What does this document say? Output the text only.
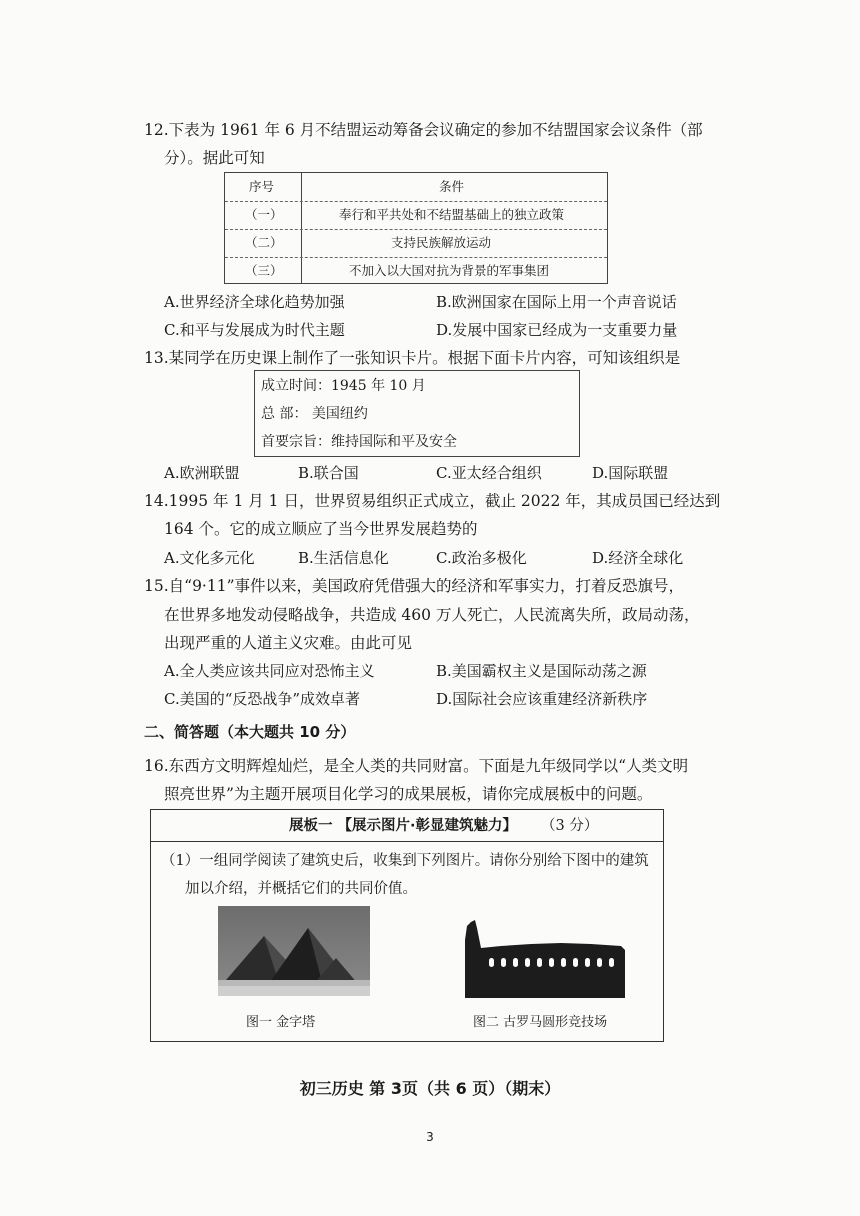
12.下表为 1961 年 6 月不结盟运动筹备会议确定的参加不结盟国家会议条件（部
分）。据此可知
序号	条件
（一）	奉行和平共处和不结盟基础上的独立政策
（二）	支持民族解放运动
（三）	不加入以大国对抗为背景的军事集团
A.世界经济全球化趋势加强	B.欧洲国家在国际上用一个声音说话
C.和平与发展成为时代主题	D.发展中国家已经成为一支重要力量
13.某同学在历史课上制作了一张知识卡片。根据下面卡片内容，可知该组织是
成立时间：1945 年 10 月
总 部： 美国纽约
首要宗旨：维持国际和平及安全
A.欧洲联盟	B.联合国	C.亚太经合组织	D.国际联盟
14.1995 年 1 月 1 日，世界贸易组织正式成立，截止 2022 年，其成员国已经达到
164 个。它的成立顺应了当今世界发展趋势的
A.文化多元化	B.生活信息化	C.政治多极化	D.经济全球化
15.自“9·11”事件以来，美国政府凭借强大的经济和军事实力，打着反恐旗号，
在世界多地发动侵略战争，共造成 460 万人死亡，人民流离失所，政局动荡，
出现严重的人道主义灾难。由此可见
A.全人类应该共同应对恐怖主义	B.美国霸权主义是国际动荡之源
C.美国的“反恐战争”成效卓著	D.国际社会应该重建经济新秩序
二、简答题（本大题共 10 分）
16.东西方文明辉煌灿烂，是全人类的共同财富。下面是九年级同学以“人类文明
照亮世界”为主题开展项目化学习的成果展板，请你完成展板中的问题。
展板一 【展示图片·彰显建筑魅力】 （3 分）
（1）一组同学阅读了建筑史后，收集到下列图片。请你分别给下图中的建筑
加以介绍，并概括它们的共同价值。
图一 金字塔	图二 古罗马圆形竞技场
初三历史 第 3页（共 6 页）（期末）
3
